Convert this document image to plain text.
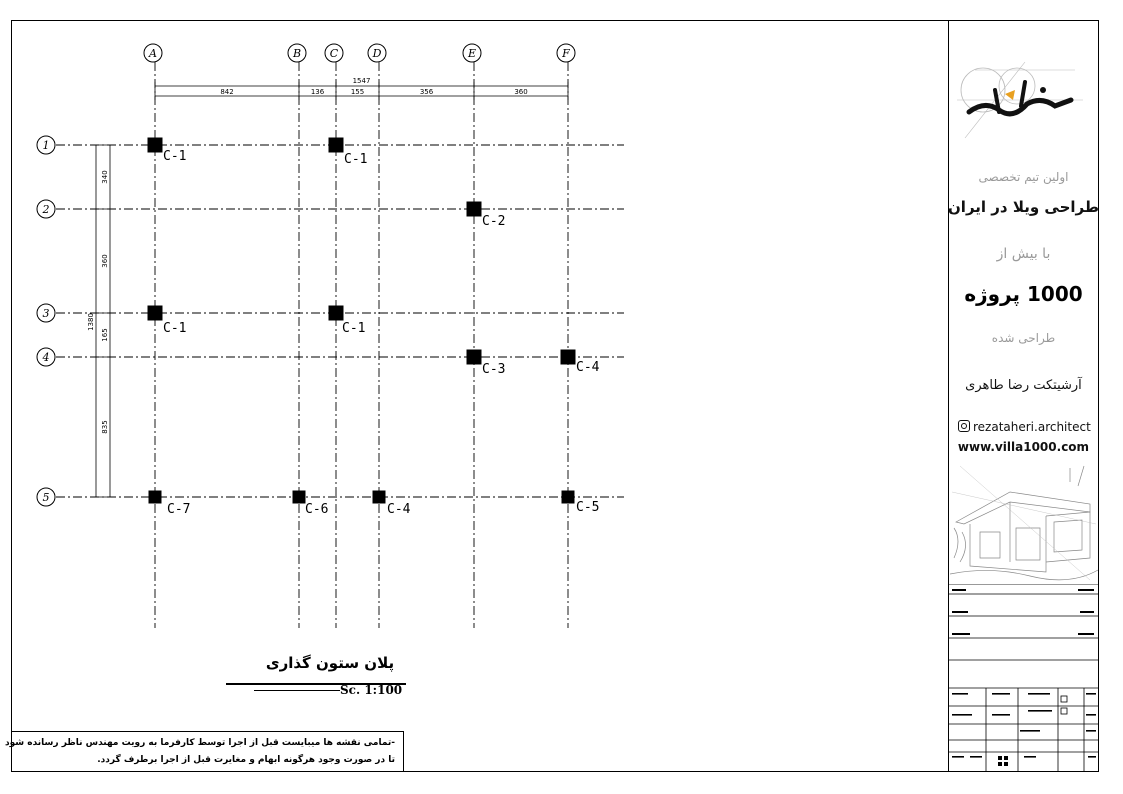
A	B	C	D	E	F
1
2
3
4
5
1547
842	136	155	356	360
1380
340
360
165
835
C-1	C-1
C-2
C-1	C-1
C-3	C-4
C-7	C-6	C-4	C-5
پلان ستون گذاری
Sc. 1:100
-تمامی نقشه ها میبایست قبل از اجرا توسط کارفرما به رویت مهندس ناظر رسانده شود
تا در صورت وجود هرگونه ابهام و مغایرت قبل از اجرا برطرف گردد.
اولین تیم تخصصی
طراحی ویلا در ایران
با بیش از
1000 پروژه
طراحی شده
آرشیتکت رضا طاهری
rezataheri.architect
www.villa1000.com
